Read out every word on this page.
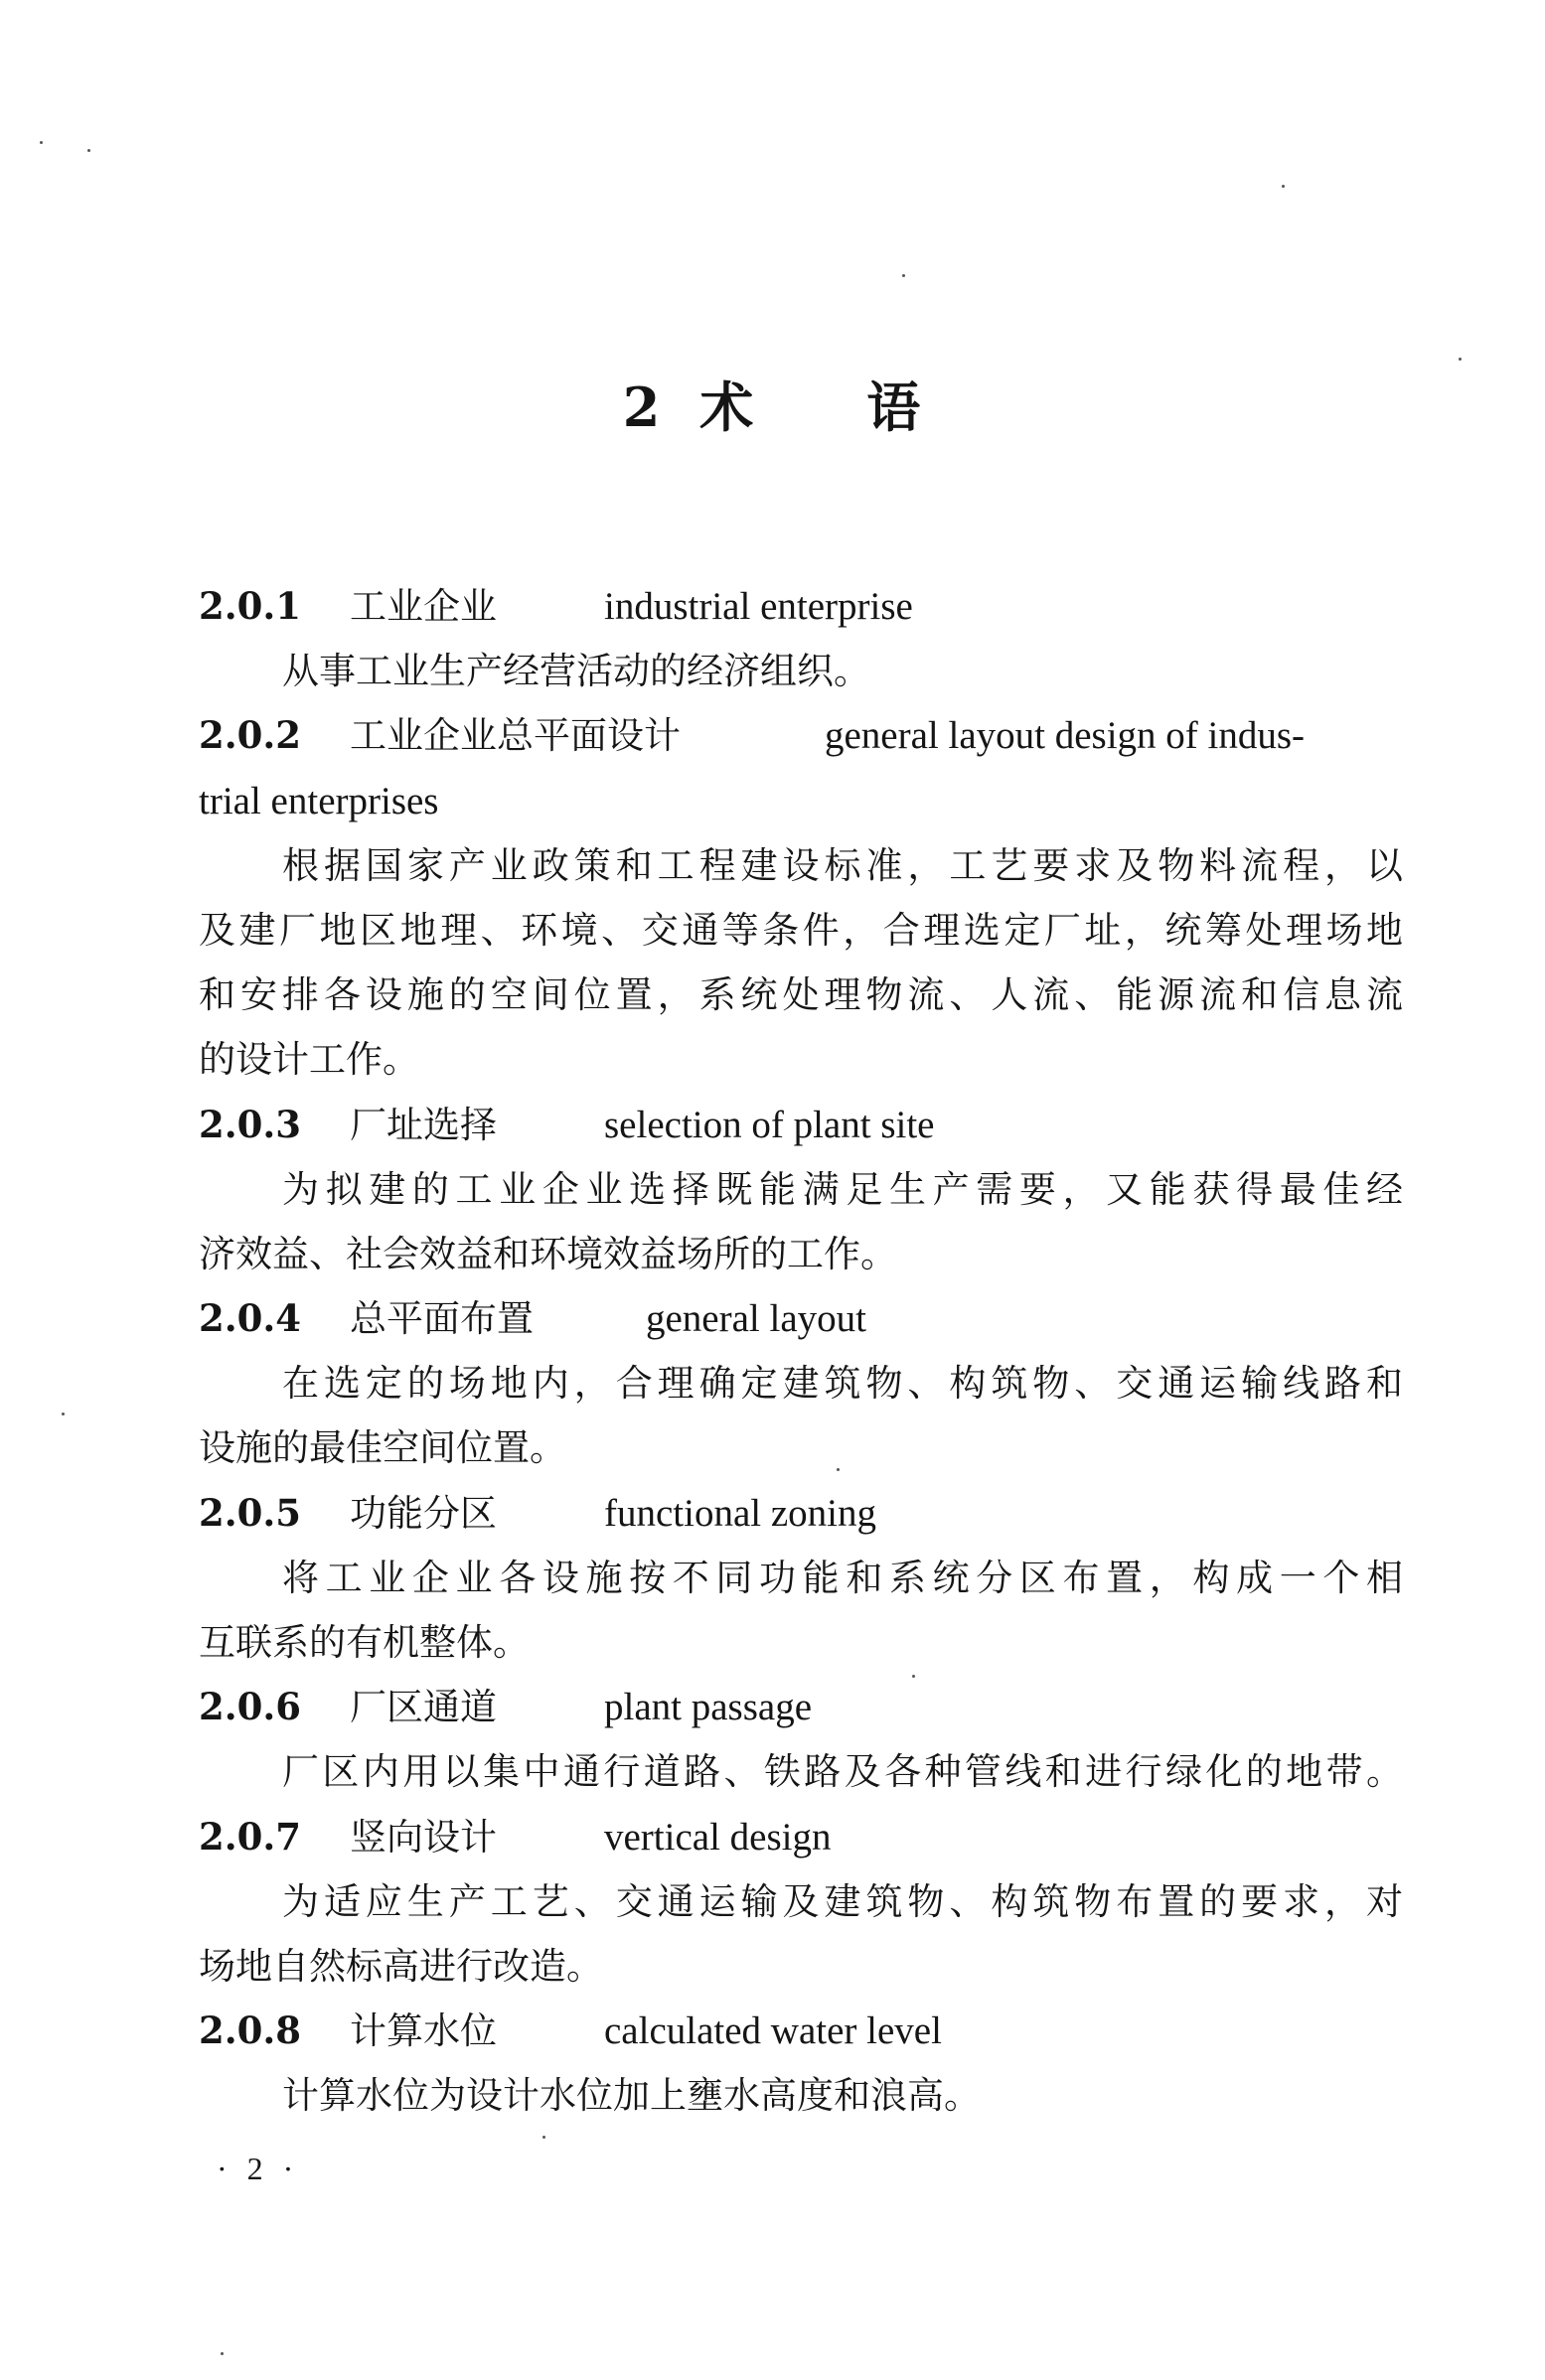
2 术 语
2.0.1 工业企业	industrial enterprise
从事工业生产经营活动的经济组织。
2.0.2 工业企业总平面设计	general layout design of indus-
trial enterprises
根据国家产业政策和工程建设标准，工艺要求及物料流程，以
及建厂地区地理、环境、交通等条件，合理选定厂址，统筹处理场地
和安排各设施的空间位置，系统处理物流、人流、能源流和信息流
的设计工作。
2.0.3 厂址选择	selection of plant site
为拟建的工业企业选择既能满足生产需要，又能获得最佳经
济效益、社会效益和环境效益场所的工作。
2.0.4 总平面布置	general layout
在选定的场地内，合理确定建筑物、构筑物、交通运输线路和
设施的最佳空间位置。
2.0.5 功能分区	functional zoning
将工业企业各设施按不同功能和系统分区布置，构成一个相
互联系的有机整体。
2.0.6 厂区通道	plant passage
厂区内用以集中通行道路、铁路及各种管线和进行绿化的地带。
2.0.7 竖向设计	vertical design
为适应生产工艺、交通运输及建筑物、构筑物布置的要求，对
场地自然标高进行改造。
2.0.8 计算水位	calculated water level
计算水位为设计水位加上壅水高度和浪高。
· 2 ·
